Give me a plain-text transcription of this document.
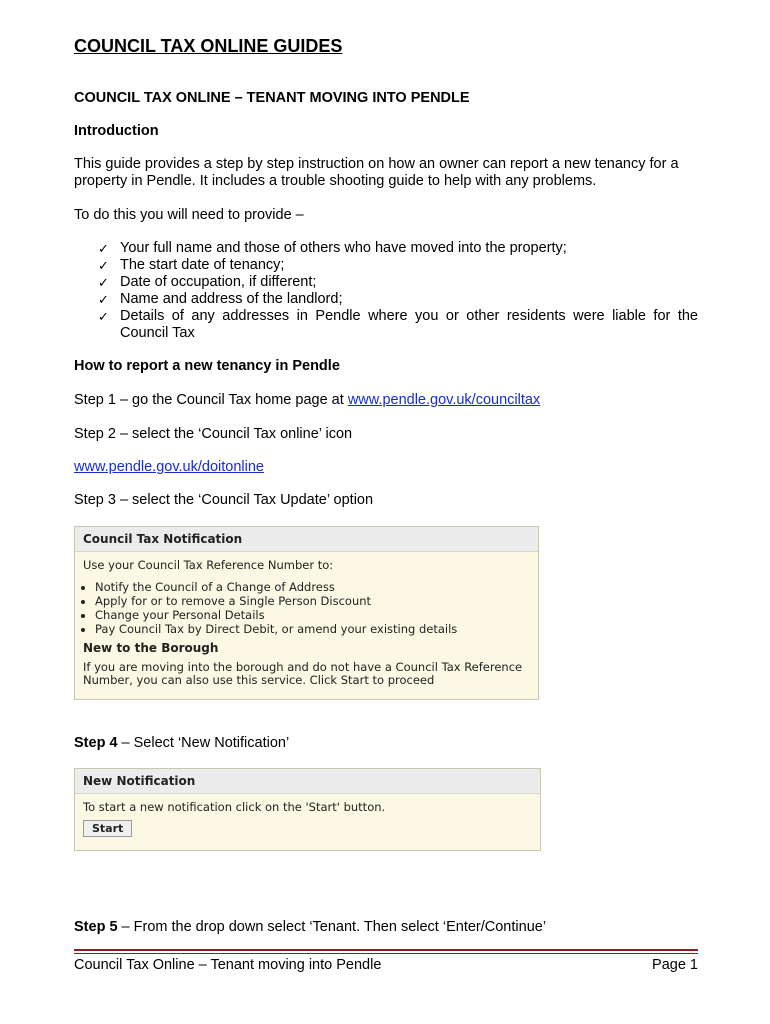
COUNCIL TAX ONLINE GUIDES
COUNCIL TAX ONLINE – TENANT MOVING INTO PENDLE
Introduction
This guide provides a step by step instruction on how an owner can report a new tenancy for a property in Pendle. It includes a trouble shooting guide to help with any problems.
To do this you will need to provide –
✓ Your full name and those of others who have moved into the property;
✓ The start date of tenancy;
✓ Date of occupation, if different;
✓ Name and address of the landlord;
✓ Details of any addresses in Pendle where you or other residents were liable for the Council Tax
How to report a new tenancy in Pendle
Step 1 – go the Council Tax home page at www.pendle.gov.uk/counciltax
Step 2 – select the ‘Council Tax online’ icon
www.pendle.gov.uk/doitonline
Step 3 – select the ‘Council Tax Update’ option
Step 4 – Select ‘New Notification’
Step 5 – From the drop down select ‘Tenant. Then select ‘Enter/Continue’
Council Tax Notification
Use your Council Tax Reference Number to:
• Notify the Council of a Change of Address
• Apply for or to remove a Single Person Discount
• Change your Personal Details
• Pay Council Tax by Direct Debit, or amend your existing details
New to the Borough
If you are moving into the borough and do not have a Council Tax Reference Number, you can also use this service. Click Start to proceed
New Notification
To start a new notification click on the 'Start' button.
Start
Council Tax Online – Tenant moving into Pendle	Page 1
